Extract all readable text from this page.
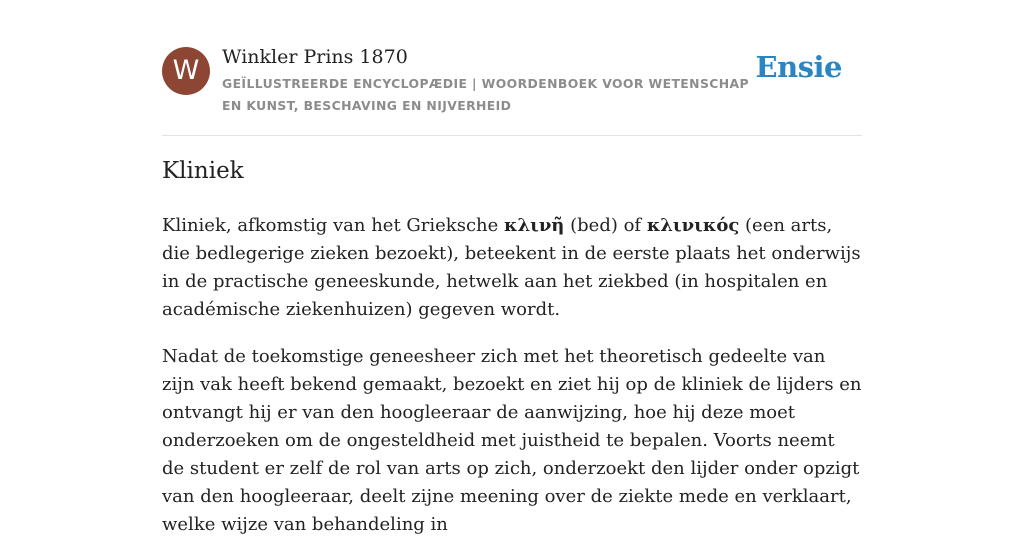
W	Winkler Prins 1870
GEÏLLUSTREERDE ENCYCLOPÆDIE | WOORDENBOEK VOOR WETENSCHAP EN KUNST, BESCHAVING EN NIJVERHEID
Ensie
Kliniek

Kliniek, afkomstig van het Grieksche κλινῆ (bed) of κλινικός (een arts, die bedlegerige zieken bezoekt), beteekent in de eerste plaats het onderwijs in de practische geneeskunde, hetwelk aan het ziekbed (in hospitalen en académische ziekenhuizen) gegeven wordt.

Nadat de toekomstige geneesheer zich met het theoretisch gedeelte van zijn vak heeft bekend gemaakt, bezoekt en ziet hij op de kliniek de lijders en ontvangt hij er van den hoogleeraar de aanwijzing, hoe hij deze moet onderzoeken om de ongesteldheid met juistheid te bepalen. Voorts neemt de student er zelf de rol van arts op zich, onderzoekt den lijder onder opzigt van den hoogleeraar, deelt zijne meening over de ziekte mede en verklaart, welke wijze van behandeling in
